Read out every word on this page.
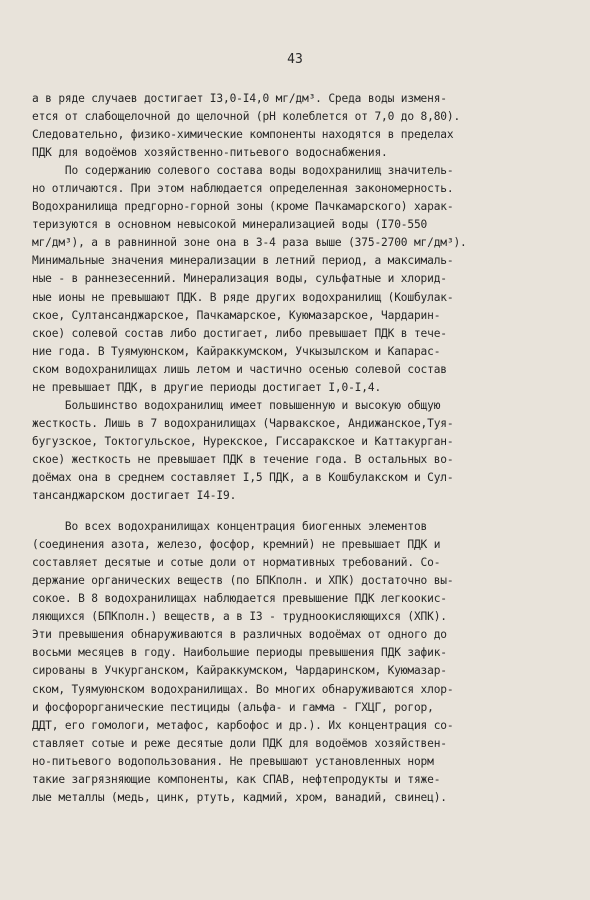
43
а в ряде случаев достигает I3,0-I4,0 мг/дм³. Среда воды изменя-
ется от слабощелочной до щелочной (рН колеблется от 7,0 до 8,80).
Следовательно, физико-химические компоненты находятся в пределах
ПДК для водоёмов хозяйственно-питьевого водоснабжения.
По содержанию солевого состава воды водохранилищ значитель-
но отличаются. При этом наблюдается определенная закономерность.
Водохранилища предгорно-горной зоны (кроме Пачкамарского) харак-
теризуются в основном невысокой минерализацией воды (I70-550
мг/дм³), а в равнинной зоне она в 3-4 раза выше (375-2700 мг/дм³).
Минимальные значения минерализации в летний период, а максималь-
ные - в раннезесенний. Минерализация воды, сульфатные и хлорид-
ные ионы не превышают ПДК. В ряде других водохранилищ (Кошбулак-
ское, Султансанджарское, Пачкамарское, Куюмазарское, Чардарин-
ское) солевой состав либо достигает, либо превышает ПДК в тече-
ние года. В Туямуюнском, Кайраккумском, Учкызылском и Капарас-
ском водохранилищах лишь летом и частично осенью солевой состав
не превышает ПДК, в другие периоды достигает I,0-I,4.
Большинство водохранилищ имеет повышенную и высокую общую
жесткость. Лишь в 7 водохранилищах (Чарвакское, Андижанское,Туя-
бугузское, Токтогульское, Нурекское, Гиссаракское и Каттакурган-
ское) жесткость не превышает ПДК в течение года. В остальных во-
доёмах она в среднем составляет I,5 ПДК, а в Кошбулакском и Сул-
тансанджарском достигает I4-I9.
Во всех водохранилищах концентрация биогенных элементов
(соединения азота, железо, фосфор, кремний) не превышает ПДК и
составляет десятые и сотые доли от нормативных требований. Со-
держание органических веществ (по БПКполн. и ХПК) достаточно вы-
сокое. В 8 водохранилищах наблюдается превышение ПДК легкоокис-
ляющихся (БПКполн.) веществ, а в I3 - трудноокисляющихся (ХПК).
Эти превышения обнаруживаются в различных водоёмах от одного до
восьми месяцев в году. Наибольшие периоды превышения ПДК зафик-
сированы в Учкурганском, Кайраккумском, Чардаринском, Куюмазар-
ском, Туямуюнском водохранилищах. Во многих обнаруживаются хлор-
и фосфорорганические пестициды (альфа- и гамма - ГХЦГ, рогор,
ДДТ, его гомологи, метафос, карбофос и др.). Их концентрация со-
ставляет сотые и реже десятые доли ПДК для водоёмов хозяйствен-
но-питьевого водопользования. Не превышают установленных норм
такие загрязняющие компоненты, как СПАВ, нефтепродукты и тяже-
лые металлы (медь, цинк, ртуть, кадмий, хром, ванадий, свинец).
